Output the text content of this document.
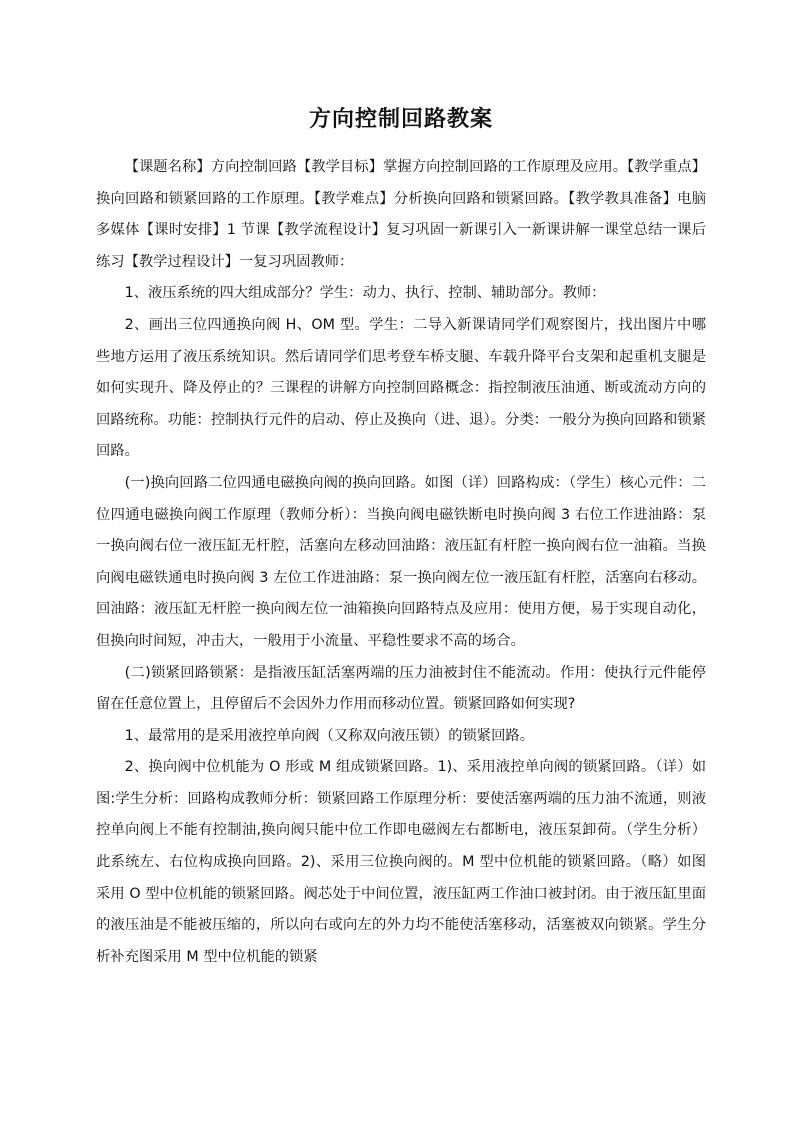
方向控制回路教案

【课题名称】方向控制回路【教学目标】掌握方向控制回路的工作原理及应用。【教学重点】换向回路和锁紧回路的工作原理。【教学难点】分析换向回路和锁紧回路。【教学教具准备】电脑多媒体【课时安排】1 节课【教学流程设计】复习巩固一新课引入一新课讲解一课堂总结一课后练习【教学过程设计】一复习巩固教师：

1、液压系统的四大组成部分？学生：动力、执行、控制、辅助部分。教师：

2、画出三位四通换向阀 H、OM 型。学生：二导入新课请同学们观察图片，找出图片中哪些地方运用了液压系统知识。然后请同学们思考登车桥支腿、车载升降平台支架和起重机支腿是如何实现升、降及停止的？三课程的讲解方向控制回路概念：指控制液压油通、断或流动方向的回路统称。功能：控制执行元件的启动、停止及换向（进、退）。分类：一般分为换向回路和锁紧回路。

(一)换向回路二位四通电磁换向阀的换向回路。如图（详）回路构成：（学生）核心元件：二位四通电磁换向阀工作原理（教师分析）：当换向阀电磁铁断电时换向阀 3 右位工作进油路：泵一换向阀右位一液压缸无杆腔，活塞向左移动回油路：液压缸有杆腔一换向阀右位一油箱。当换向阀电磁铁通电时换向阀 3 左位工作进油路：泵一换向阀左位一液压缸有杆腔，活塞向右移动。回油路：液压缸无杆腔一换向阀左位一油箱换向回路特点及应用：使用方便，易于实现自动化，但换向时间短，冲击大，一般用于小流量、平稳性要求不高的场合。

(二)锁紧回路锁紧：是指液压缸活塞两端的压力油被封住不能流动。作用：使执行元件能停留在任意位置上，且停留后不会因外力作用而移动位置。锁紧回路如何实现?

1、最常用的是采用液控单向阀（又称双向液压锁）的锁紧回路。

2、换向阀中位机能为 O 形或 M 组成锁紧回路。1)、采用液控单向阀的锁紧回路。（详）如图:学生分析：回路构成教师分析：锁紧回路工作原理分析：要使活塞两端的压力油不流通，则液控单向阀上不能有控制油,换向阀只能中位工作即电磁阀左右都断电，液压泵卸荷。（学生分析）此系统左、右位构成换向回路。2)、采用三位换向阀的。M 型中位机能的锁紧回路。（略）如图采用 O 型中位机能的锁紧回路。阀芯处于中间位置，液压缸两工作油口被封闭。由于液压缸里面的液压油是不能被压缩的，所以向右或向左的外力均不能使活塞移动，活塞被双向锁紧。学生分析补充图采用 M 型中位机能的锁紧
